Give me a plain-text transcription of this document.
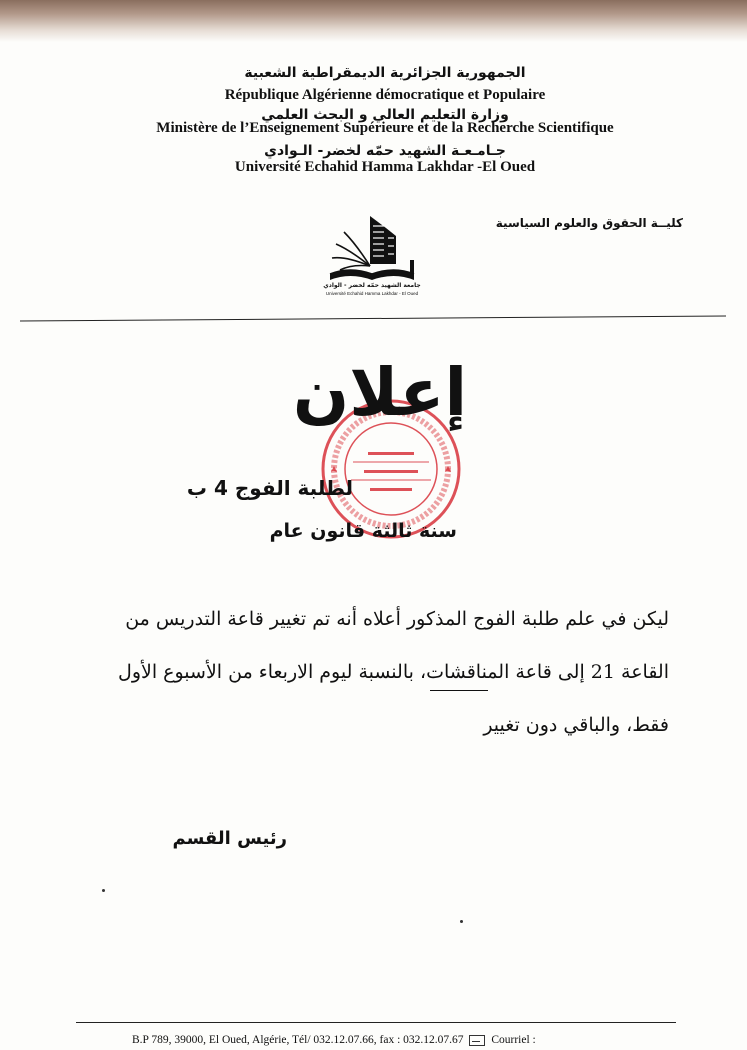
الجمهورية الجزائرية الديمقراطية الشعبية
République Algérienne démocratique et Populaire
وزارة التعليم العالي و البحث العلمي
Ministère de l’Enseignement Supérieure et de la Recherche Scientifique
جـامـعـة الشهيد حمّه لخضر- الـوادي
Université Echahid Hamma Lakhdar -El Oued
كليــة الحقوق والعلوم السياسية
جامعة الشهيد حمّه لخضر - الوادي
Université Echahid Hamma Lakhdar - El Oued
إعلان
لطلبة الفوج 4 ب
سنة ثالثة قانون عام
ليكن في علم طلبة الفوج المذكور أعلاه أنه تم تغيير قاعة التدريس من
القاعة 21 إلى قاعة المناقشات، بالنسبة ليوم الاربعاء من الأسبوع الأول
فقط، والباقي دون تغيير
رئيس القسم
B.P 789, 39000, El Oued, Algérie, Tél/ 032.12.07.66, fax : 032.12.07.67 Courriel :
